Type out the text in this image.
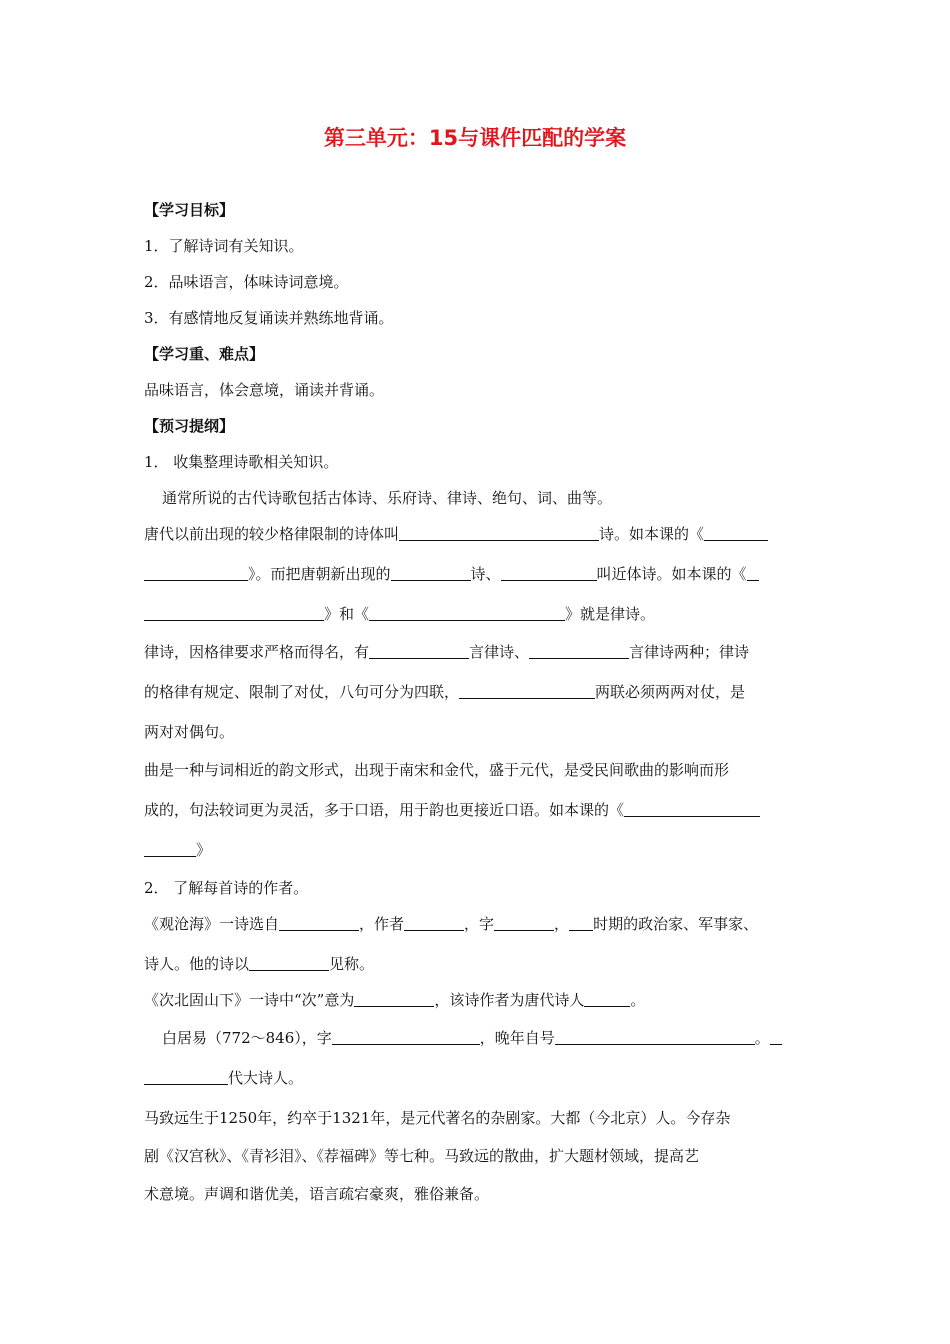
第三单元：15与课件匹配的学案
【学习目标】
1．了解诗词有关知识。
2．品味语言，体味诗词意境。
3．有感情地反复诵读并熟练地背诵。
【学习重、难点】
品味语言，体会意境，诵读并背诵。
【预习提纲】
1． 收集整理诗歌相关知识。
通常所说的古代诗歌包括古体诗、乐府诗、律诗、绝句、词、曲等。
唐代以前出现的较少格律限制的诗体叫	诗。如本课的《
》。而把唐朝新出现的	诗、	叫近体诗。如本课的《
》和《	》就是律诗。
律诗，因格律要求严格而得名，有	言律诗、	言律诗两种；律诗
的格律有规定、限制了对仗，八句可分为四联，	两联必须两两对仗，是
两对对偶句。
曲是一种与词相近的韵文形式，出现于南宋和金代，盛于元代，是受民间歌曲的影响而形
成的，句法较词更为灵活，多于口语，用于韵也更接近口语。如本课的《
》
2． 了解每首诗的作者。
《观沧海》一诗选自	，作者	，字	， 时期的政治家、军事家、
诗人。他的诗以	见称。
《次北固山下》一诗中“次”意为	，该诗作者为唐代诗人	。
白居易（772～846），字	，晚年自号	。
代大诗人。
马致远生于1250年，约卒于1321年，是元代著名的杂剧家。大都（今北京）人。今存杂
剧《汉宫秋》、《青衫泪》、《荐福碑》等七种。马致远的散曲，扩大题材领域，提高艺
术意境。声调和谐优美，语言疏宕豪爽，雅俗兼备。
